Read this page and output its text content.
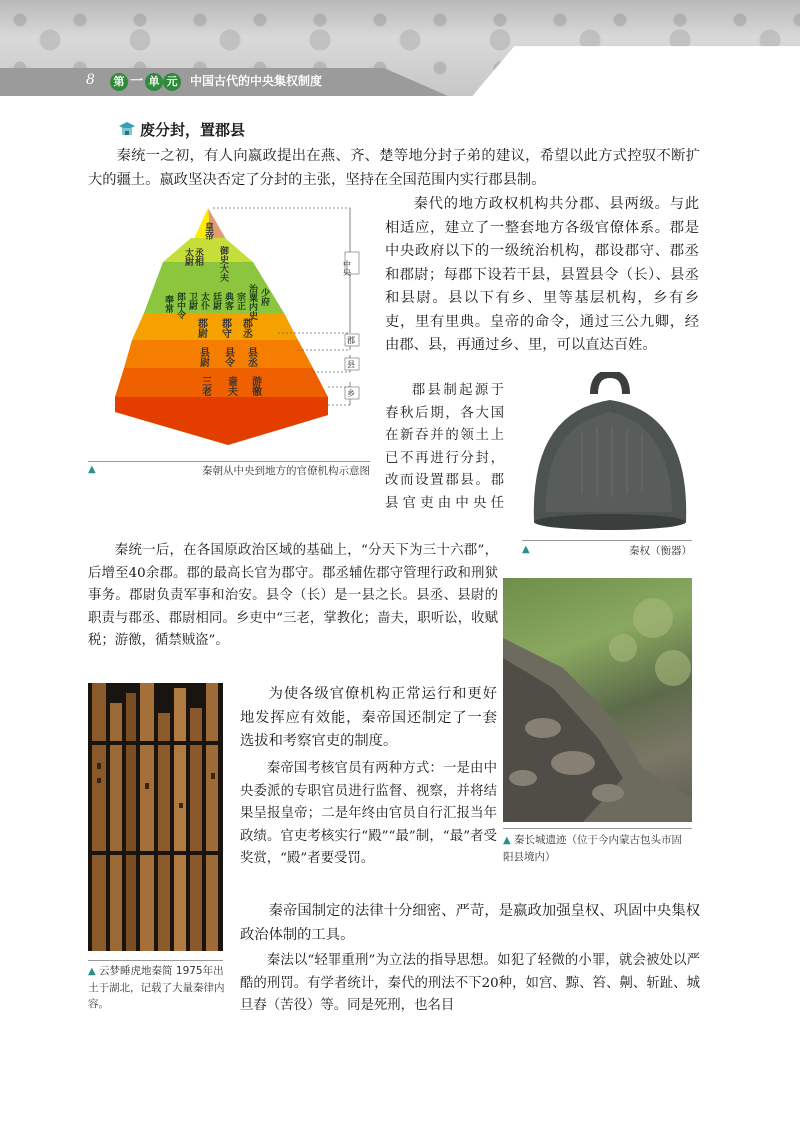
8	第 一 单 元 中国古代的中央集权制度
废分封，置郡县
秦统一之初，有人向嬴政提出在燕、齐、楚等地分封子弟的建议，希望以此方式控驭不断扩大的疆土。嬴政坚决否定了分封的主张，坚持在全国范围内实行郡县制。
皇帝
丞相
太尉	御史大夫
奉常 郎中令 卫尉 太仆 廷尉 典客 宗正 治粟内史 少府
郡尉 郡守 郡丞
县尉 县令 县丞
三老 啬夫 游徼
中央
郡
县
乡
▲	秦朝从中央到地方的官僚机构示意图
秦代的地方政权机构共分郡、县两级。与此相适应，建立了一整套地方各级官僚体系。郡是中央政府以下的一级统治机构，郡设郡守、郡丞和郡尉；每郡下设若干县，县置县令（长）、县丞和县尉。县以下有乡、里等基层机构，乡有乡吏，里有里典。皇帝的命令，通过三公九卿，经由郡、县，再通过乡、里，可以直达百姓。
▲	秦权（衡器）
郡县制起源于春秋后期，各大国在新吞并的领土上已不再进行分封，改而设置郡县。郡县官吏由中央任
▲ 秦长城遗迹（位于今内蒙古包头市固阳县境内）
秦统一后，在各国原政治区域的基础上，“分天下为三十六郡”，后增至40余郡。郡的最高长官为郡守。郡丞辅佐郡守管理行政和刑狱事务。郡尉负责军事和治安。县令（长）是一县之长。县丞、县尉的职责与郡丞、郡尉相同。乡吏中“三老，掌教化；啬夫，职听讼，收赋税；游徼，循禁贼盗”。
▲ 云梦睡虎地秦简 1975年出土于湖北，记载了大量秦律内容。
为使各级官僚机构正常运行和更好地发挥应有效能，秦帝国还制定了一套选拔和考察官吏的制度。
秦帝国考核官员有两种方式：一是由中央委派的专职官员进行监督、视察，并将结果呈报皇帝；二是年终由官员自行汇报当年政绩。官吏考核实行“殿”“最”制，“最”者受奖赏，“殿”者要受罚。
秦帝国制定的法律十分细密、严苛，是嬴政加强皇权、巩固中央集权政治体制的工具。
秦法以“轻罪重刑”为立法的指导思想。如犯了轻微的小罪，就会被处以严酷的刑罚。有学者统计，秦代的刑法不下20种，如宫、黥、笞、劓、斩趾、城旦舂（苦役）等。同是死刑，也名目
